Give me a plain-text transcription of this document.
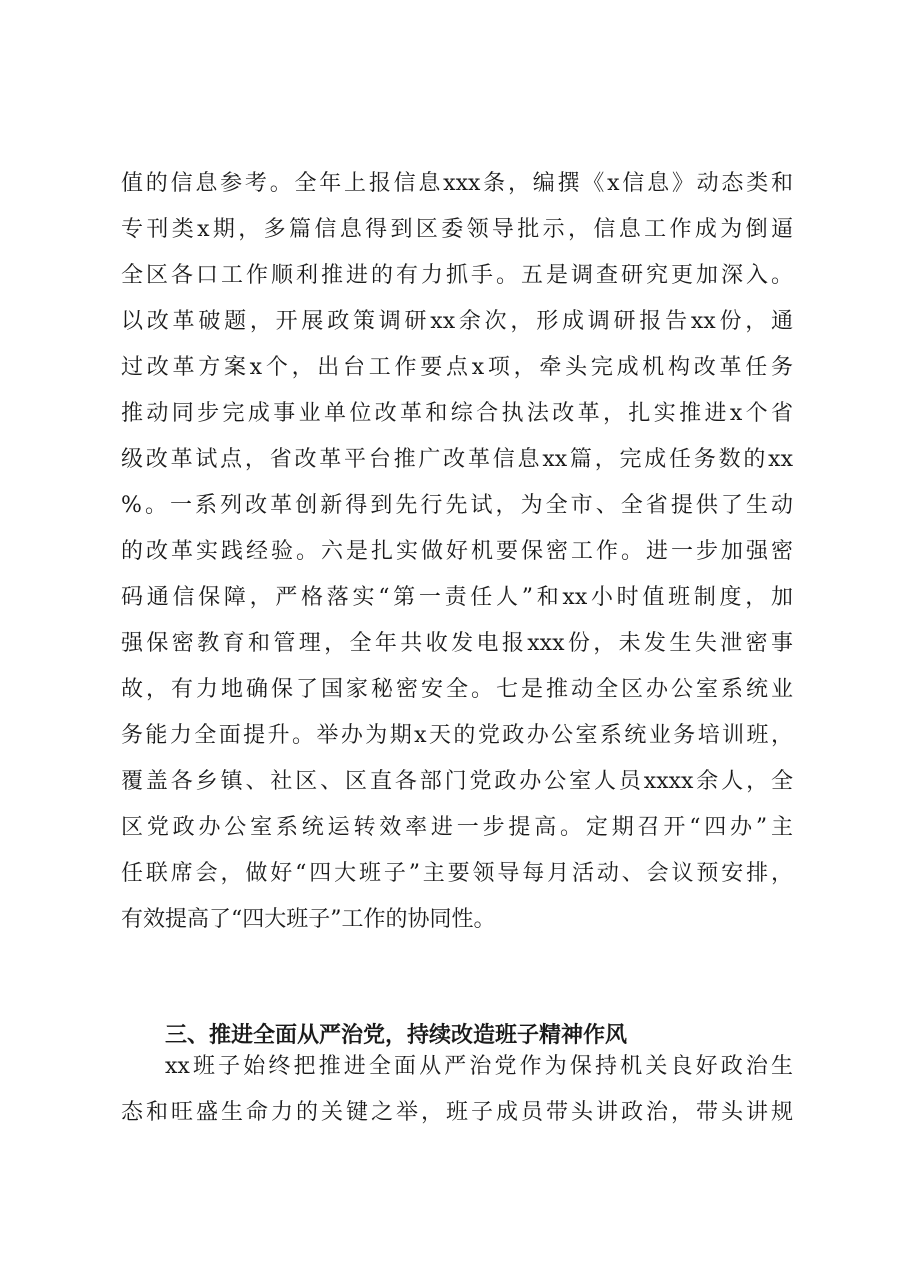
值的信息参考。全年上报信息xxx条，编撰《x信息》动态类和
专刊类x期，多篇信息得到区委领导批示，信息工作成为倒逼
全区各口工作顺利推进的有力抓手。五是调查研究更加深入。
以改革破题，开展政策调研xx余次，形成调研报告xx份，通
过改革方案x个，出台工作要点x项，牵头完成机构改革任务
推动同步完成事业单位改革和综合执法改革，扎实推进x个省
级改革试点，省改革平台推广改革信息xx篇，完成任务数的xx
%。一系列改革创新得到先行先试，为全市、全省提供了生动
的改革实践经验。六是扎实做好机要保密工作。进一步加强密
码通信保障，严格落实“第一责任人”和xx小时值班制度，加
强保密教育和管理，全年共收发电报xxx份，未发生失泄密事
故，有力地确保了国家秘密安全。七是推动全区办公室系统业
务能力全面提升。举办为期x天的党政办公室系统业务培训班，
覆盖各乡镇、社区、区直各部门党政办公室人员xxxx余人，全
区党政办公室系统运转效率进一步提高。定期召开“四办”主
任联席会，做好“四大班子”主要领导每月活动、会议预安排，
有效提高了“四大班子”工作的协同性。
三、推进全面从严治党，持续改造班子精神作风
xx班子始终把推进全面从严治党作为保持机关良好政治生
态和旺盛生命力的关键之举，班子成员带头讲政治，带头讲规
